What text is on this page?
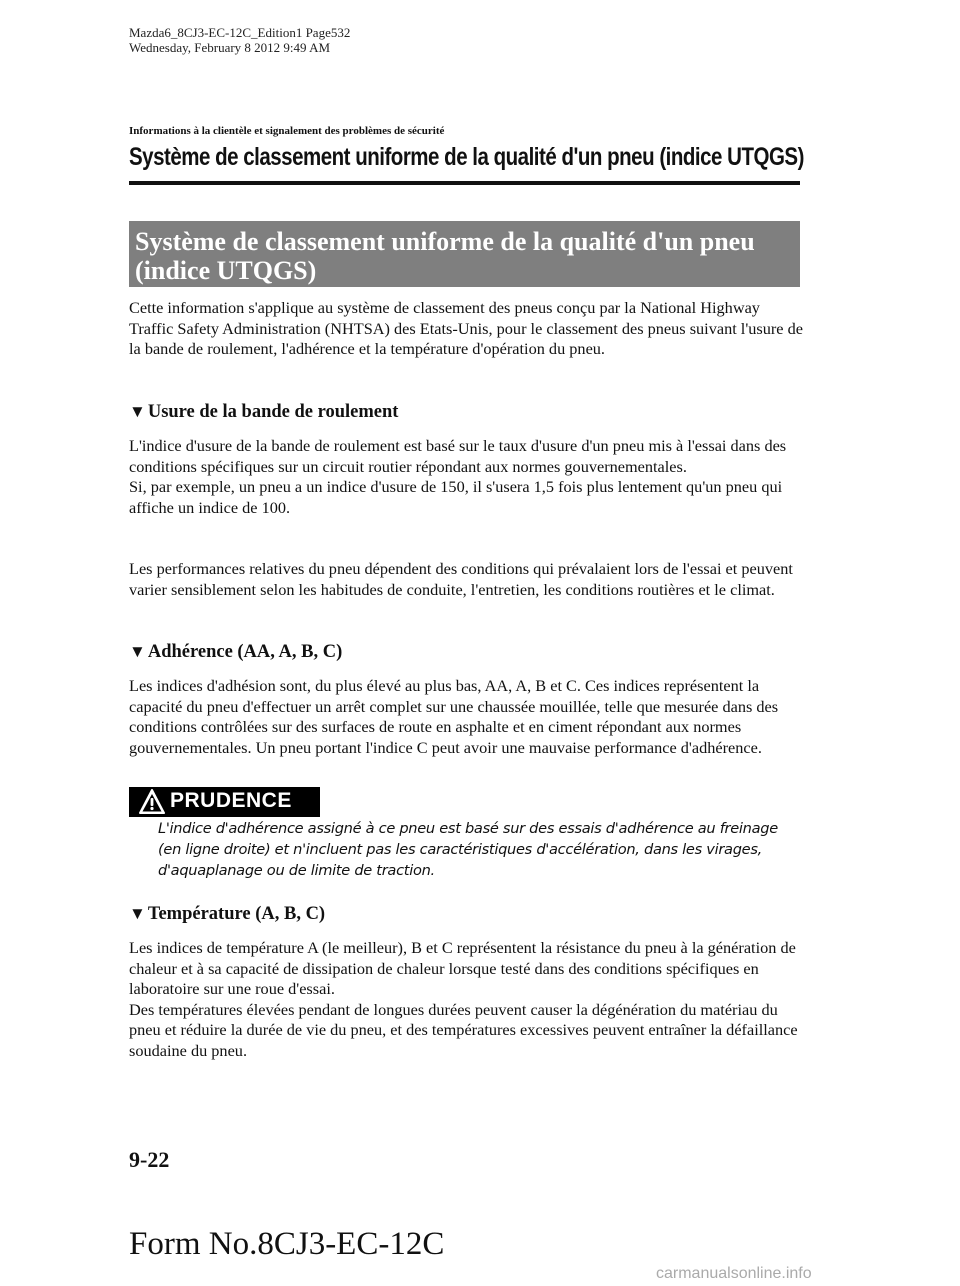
Mazda6_8CJ3-EC-12C_Edition1 Page532
Wednesday, February 8 2012 9:49 AM
Informations à la clientèle et signalement des problèmes de sécurité
Système de classement uniforme de la qualité d'un pneu (indice UTQGS)
Système de classement uniforme de la qualité d'un pneu
(indice UTQGS)
Cette information s'applique au système de classement des pneus conçu par la National Highway Traffic Safety Administration (NHTSA) des Etats-Unis, pour le classement des pneus suivant l'usure de la bande de roulement, l'adhérence et la température d'opération du pneu.
▼ Usure de la bande de roulement

L'indice d'usure de la bande de roulement est basé sur le taux d'usure d'un pneu mis à l'essai dans des conditions spécifiques sur un circuit routier répondant aux normes gouvernementales.

Si, par exemple, un pneu a un indice d'usure de 150, il s'usera 1,5 fois plus lentement qu'un pneu qui affiche un indice de 100.

Les performances relatives du pneu dépendent des conditions qui prévalaient lors de l'essai et peuvent varier sensiblement selon les habitudes de conduite, l'entretien, les conditions routières et le climat.
▼ Adhérence (AA, A, B, C)
Les indices d'adhésion sont, du plus élevé au plus bas, AA, A, B et C. Ces indices représentent la capacité du pneu d'effectuer un arrêt complet sur une chaussée mouillée, telle que mesurée dans des conditions contrôlées sur des surfaces de route en asphalte et en ciment répondant aux normes gouvernementales. Un pneu portant l'indice C peut avoir une mauvaise performance d'adhérence.
PRUDENCE
L'indice d'adhérence assigné à ce pneu est basé sur des essais d'adhérence au freinage (en ligne droite) et n'incluent pas les caractéristiques d'accélération, dans les virages, d'aquaplanage ou de limite de traction.
▼ Température (A, B, C)

Les indices de température A (le meilleur), B et C représentent la résistance du pneu à la génération de chaleur et à sa capacité de dissipation de chaleur lorsque testé dans des conditions spécifiques en laboratoire sur une roue d'essai.

Des températures élevées pendant de longues durées peuvent causer la dégénération du matériau du pneu et réduire la durée de vie du pneu, et des températures excessives peuvent entraîner la défaillance soudaine du pneu.

9-22
Form No.8CJ3-EC-12C
carmanualsonline.info
